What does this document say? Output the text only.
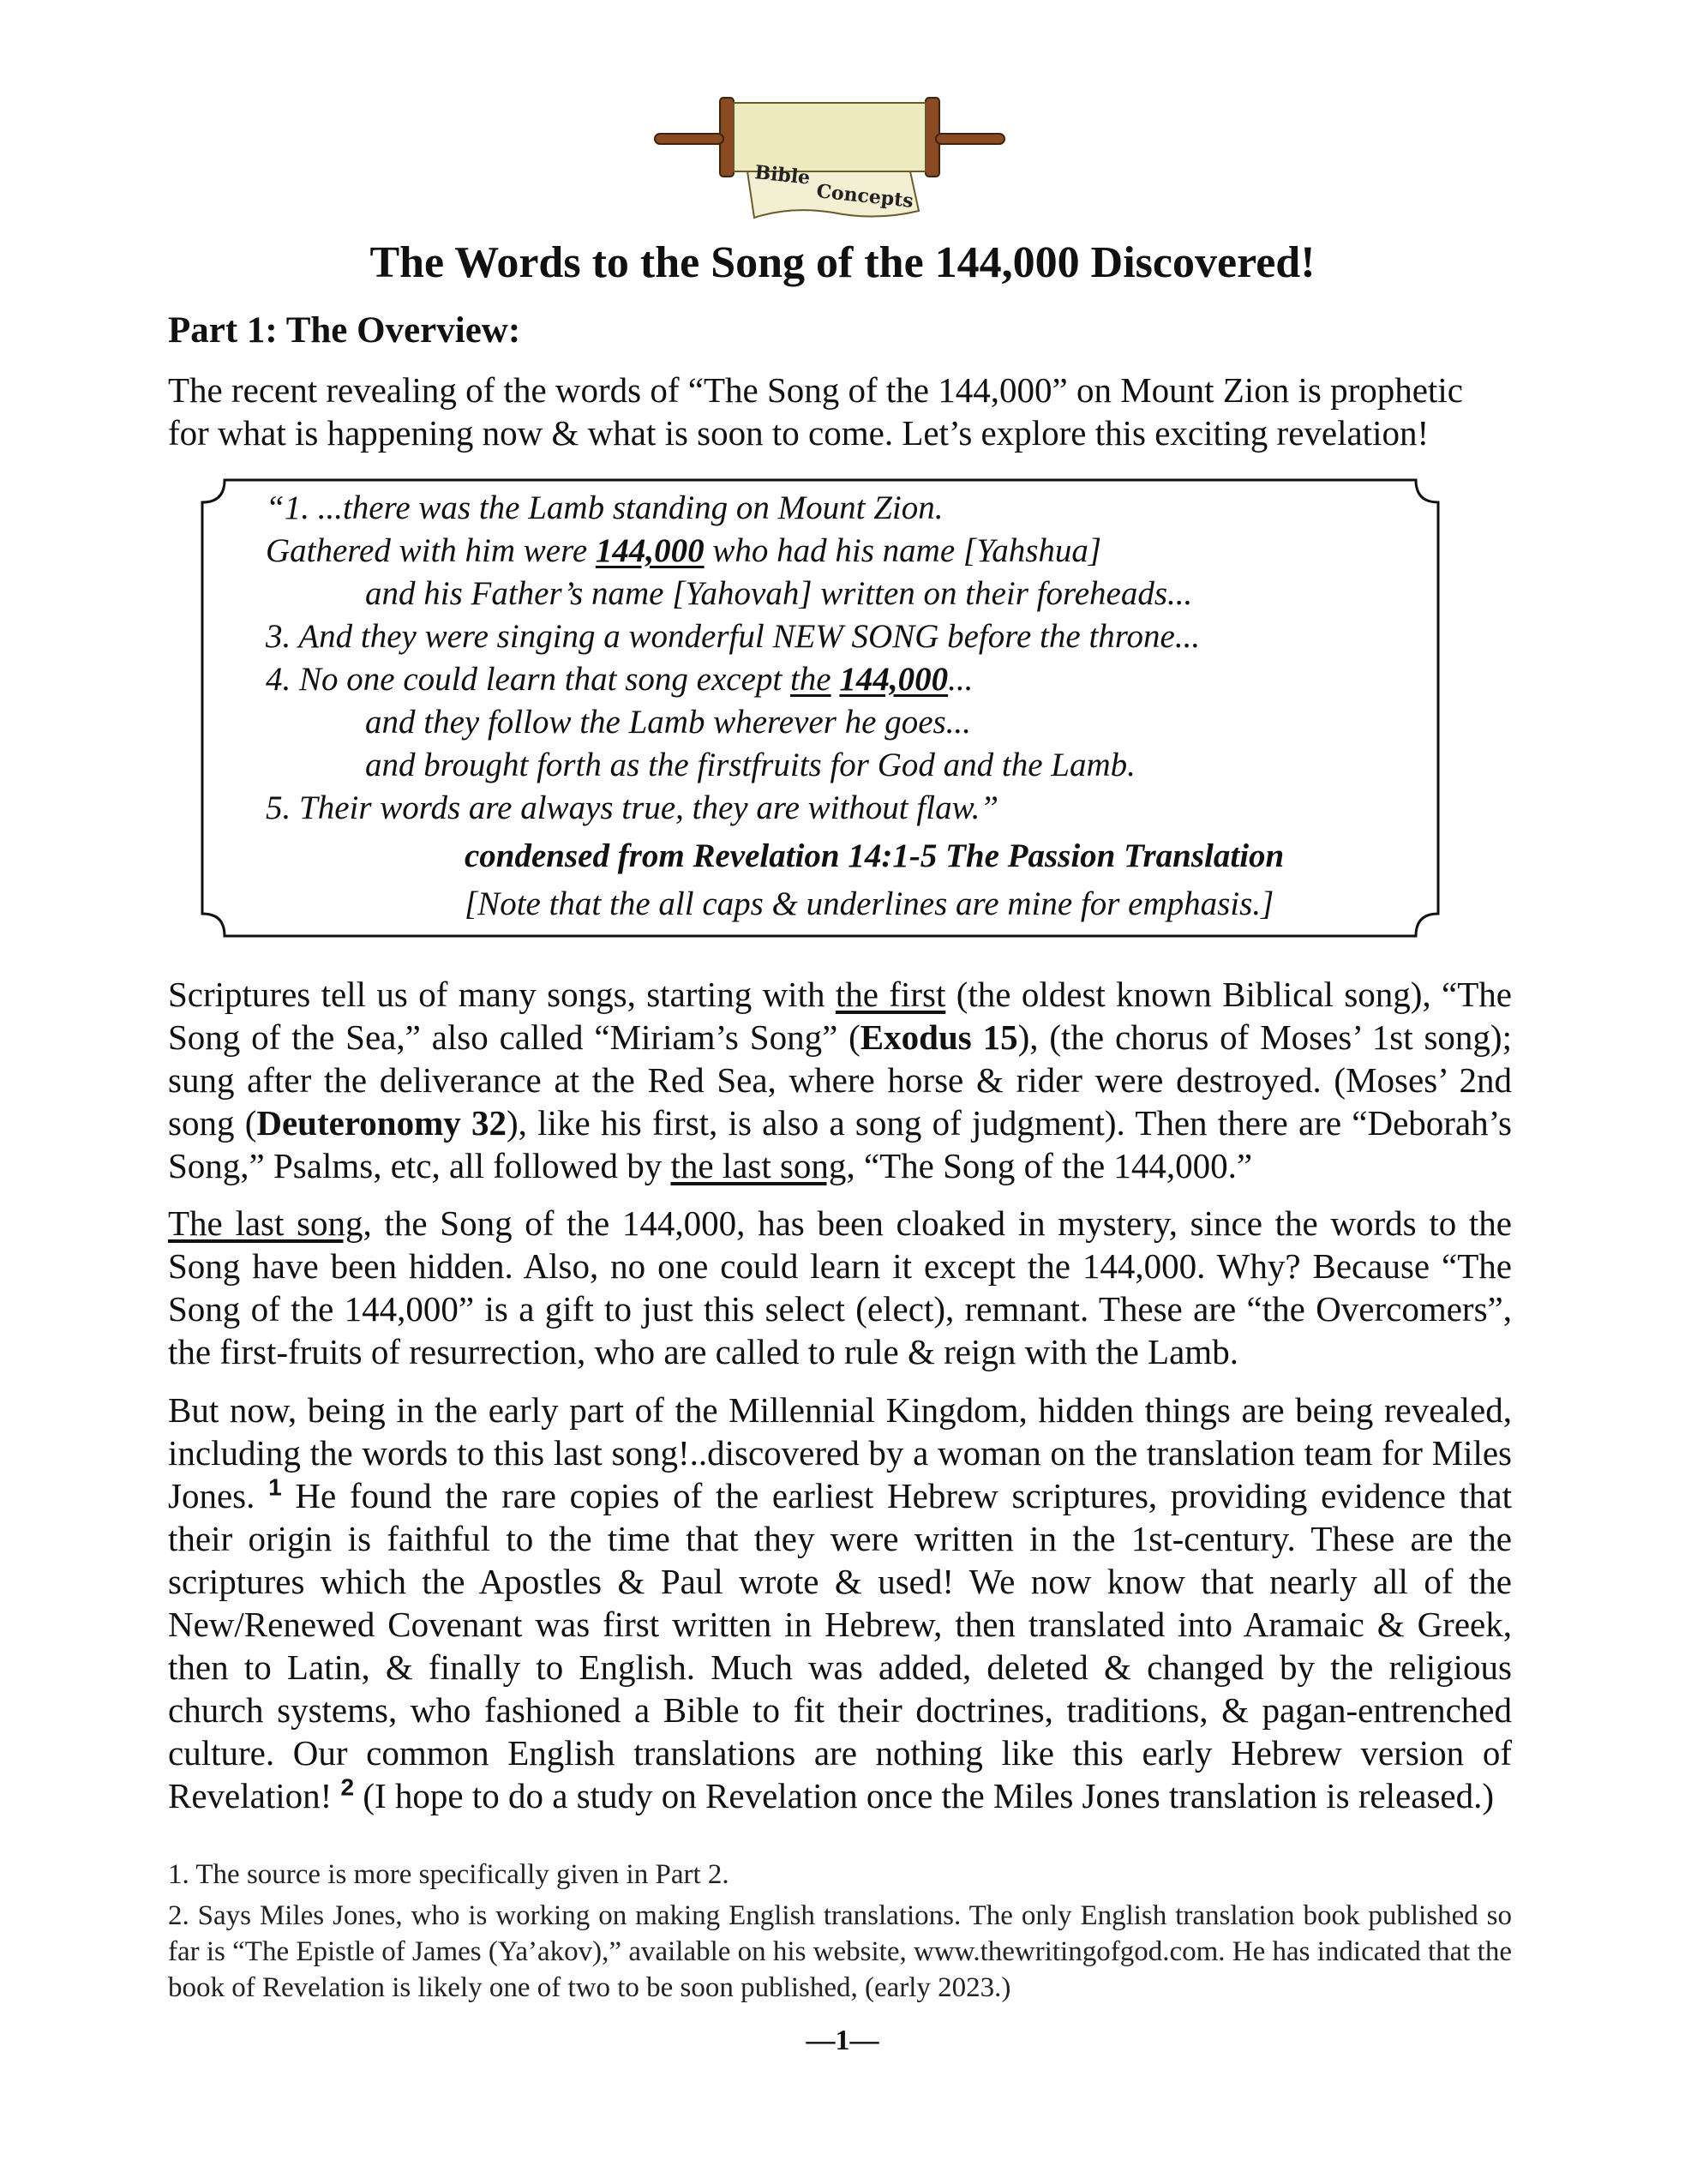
Bible
Concepts
The Words to the Song of the 144,000 Discovered!
Part 1: The Overview:

The recent revealing of the words of “The Song of the 144,000” on Mount Zion is prophetic for what is happening now & what is soon to come. Let’s explore this exciting revelation!

“1. ...there was the Lamb standing on Mount Zion.
Gathered with him were 144,000 who had his name [Yahshua]
and his Father’s name [Yahovah] written on their foreheads...
3. And they were singing a wonderful NEW SONG before the throne...
4. No one could learn that song except the 144,000...
and they follow the Lamb wherever he goes...
and brought forth as the firstfruits for God and the Lamb.
5. Their words are always true, they are without flaw.”
condensed from Revelation 14:1-5 The Passion Translation
[Note that the all caps & underlines are mine for emphasis.]

Scriptures tell us of many songs, starting with the first (the oldest known Biblical song), “The Song of the Sea,” also called “Miriam’s Song” (Exodus 15), (the chorus of Moses’ 1st song); sung after the deliverance at the Red Sea, where horse & rider were destroyed. (Moses’ 2nd song (Deuteronomy 32), like his first, is also a song of judgment). Then there are “Deborah’s Song,” Psalms, etc, all followed by the last song, “The Song of the 144,000.”

The last song, the Song of the 144,000, has been cloaked in mystery, since the words to the Song have been hidden. Also, no one could learn it except the 144,000. Why? Because “The Song of the 144,000” is a gift to just this select (elect), remnant. These are “the Overcomers”, the first-fruits of resurrection, who are called to rule & reign with the Lamb.

But now, being in the early part of the Millennial Kingdom, hidden things are being revealed, including the words to this last song!..discovered by a woman on the translation team for Miles Jones. $^1$ He found the rare copies of the earliest Hebrew scriptures, providing evidence that their origin is faithful to the time that they were written in the 1st-century. These are the scriptures which the Apostles & Paul wrote & used! We now know that nearly all of the New/Renewed Covenant was first written in Hebrew, then translated into Aramaic & Greek, then to Latin, & finally to English. Much was added, deleted & changed by the religious church systems, who fashioned a Bible to fit their doctrines, traditions, & pagan-entrenched culture. Our common English translations are nothing like this early Hebrew version of Revelation! $^2$ (I hope to do a study on Revelation once the Miles Jones translation is released.)

1. The source is more specifically given in Part 2.

2. Says Miles Jones, who is working on making English translations. The only English translation book published so far is “The Epistle of James (Ya’akov),” available on his website, www.thewritingofgod.com. He has indicated that the book of Revelation is likely one of two to be soon published, (early 2023.)

—1—
